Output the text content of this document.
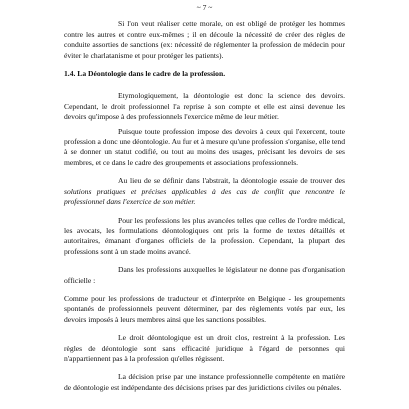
~ 7 ~

Si l'on veut réaliser cette morale, on est obligé de protéger les hommes contre les autres et contre eux-mêmes ; il en découle la nécessité de créer des règles de conduite assorties de sanctions (ex: nécessité de réglementer la profession de médecin pour éviter le charlatanisme et pour protéger les patients).

1.4. La Déontologie dans le cadre de la profession.

Etymologiquement, la déontologie est donc la science des devoirs. Cependant, le droit professionnel l'a reprise à son compte et elle est ainsi devenue les devoirs qu'impose à des professionnels l'exercice même de leur métier.

Puisque toute profession impose des devoirs à ceux qui l'exercent, toute profession a donc une déontologie. Au fur et à mesure qu'une profession s'organise, elle tend à se donner un statut codifié, ou tout au moins des usages, précisant les devoirs de ses membres, et ce dans le cadre des groupements et associations professionnels.

Au lieu de se définir dans l'abstrait, la déontologie essaie de trouver des solutions pratiques et précises applicables à des cas de conflit que rencontre le professionnel dans l'exercice de son métier.

Pour les professions les plus avancées telles que celles de l'ordre médical, les avocats, les formulations déontologiques ont pris la forme de textes détaillés et autoritaires, émanant d'organes officiels de la profession. Cependant, la plupart des professions sont à un stade moins avancé.

Dans les professions auxquelles le législateur ne donne pas d'organisation officielle :

Comme pour les professions de traducteur et d'interprète en Belgique - les groupements spontanés de professionnels peuvent déterminer, par des règlements votés par eux, les devoirs imposés à leurs membres ainsi que les sanctions possibles.

Le droit déontologique est un droit clos, restreint à la profession. Les règles de déontologie sont sans efficacité juridique à l'égard de personnes qui n'appartiennent pas à la profession qu'elles régissent.

La décision prise par une instance professionnelle compétente en matière de déontologie est indépendante des décisions prises par des juridictions civiles ou pénales.
